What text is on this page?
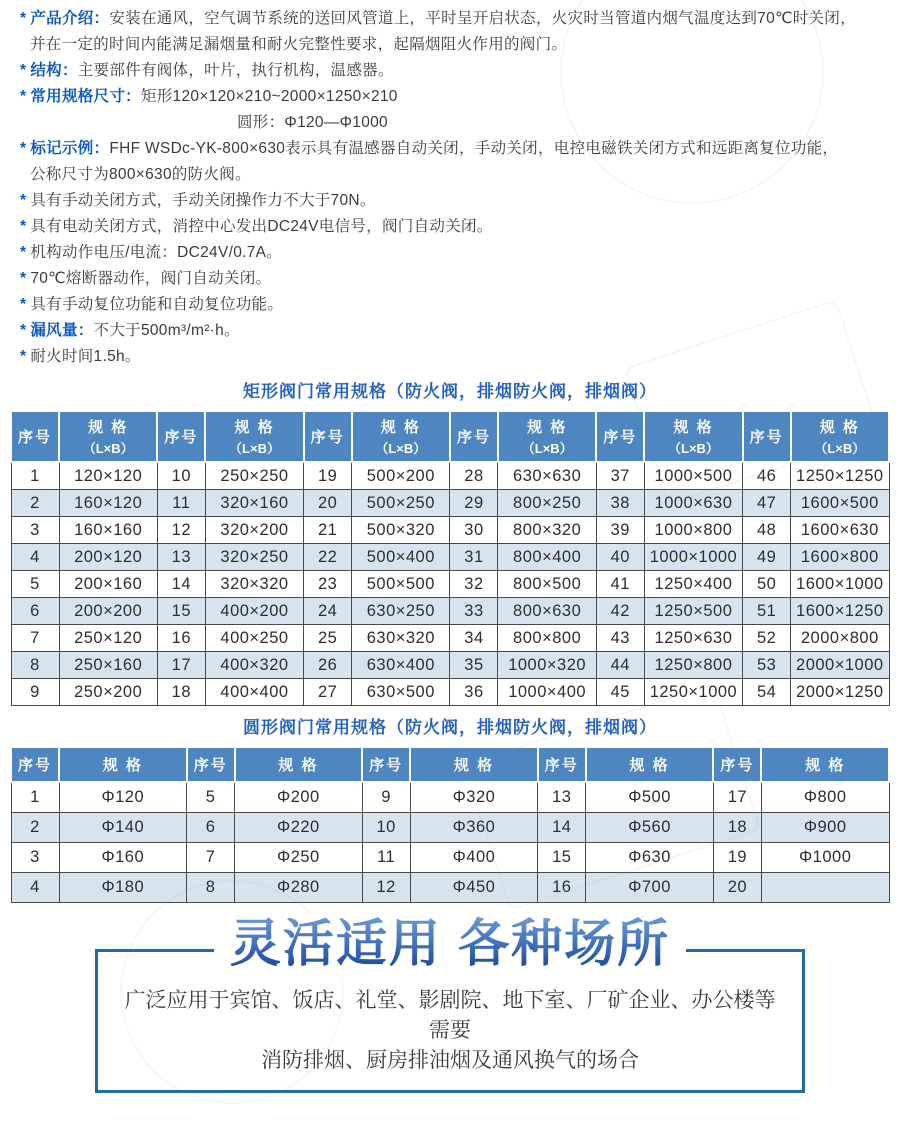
* 产品介绍：安装在通风，空气调节系统的送回风管道上，平时呈开启状态，火灾时当管道内烟气温度达到70℃时关闭，
并在一定的时间内能满足漏烟量和耐火完整性要求，起隔烟阻火作用的阀门。
* 结构：主要部件有阀体，叶片，执行机构，温感器。
* 常用规格尺寸：矩形120×120×210~2000×1250×210
圆形：Φ120—Φ1000
* 标记示例：FHF WSDc-YK-800×630表示具有温感器自动关闭，手动关闭，电控电磁铁关闭方式和远距离复位功能，
公称尺寸为800×630的防火阀。
* 具有手动关闭方式，手动关闭操作力不大于70N。
* 具有电动关闭方式，消控中心发出DC24V电信号，阀门自动关闭。
* 机构动作电压/电流：DC24V/0.7A。
* 70℃熔断器动作，阀门自动关闭。
* 具有手动复位功能和自动复位功能。
* 漏风量：不大于500m³/m²·h。
* 耐火时间1.5h。
矩形阀门常用规格（防火阀，排烟防火阀，排烟阀）
序号	
规 格
（L×B）
	序号	
规 格
（L×B）
	序号	
规 格
（L×B）
	序号	
规 格
（L×B）
	序号	
规 格
（L×B）
	序号	
规 格
（L×B）

1	120×120	10	250×250	19	500×200	28	630×630	37	1000×500	46	1250×1250
2	160×120	11	320×160	20	500×250	29	800×250	38	1000×630	47	1600×500
3	160×160	12	320×200	21	500×320	30	800×320	39	1000×800	48	1600×630
4	200×120	13	320×250	22	500×400	31	800×400	40	1000×1000	49	1600×800
5	200×160	14	320×320	23	500×500	32	800×500	41	1250×400	50	1600×1000
6	200×200	15	400×200	24	630×250	33	800×630	42	1250×500	51	1600×1250
7	250×120	16	400×250	25	630×320	34	800×800	43	1250×630	52	2000×800
8	250×160	17	400×320	26	630×400	35	1000×320	44	1250×800	53	2000×1000
9	250×200	18	400×400	27	630×500	36	1000×400	45	1250×1000	54	2000×1250
圆形阀门常用规格（防火阀，排烟防火阀，排烟阀）
序号	规 格	序号	规 格	序号	规 格	序号	规 格	序号	规 格

1	Φ120	5	Φ200	9	Φ320	13	Φ500	17	Φ800
2	Φ140	6	Φ220	10	Φ360	14	Φ560	18	Φ900
3	Φ160	7	Φ250	11	Φ400	15	Φ630	19	Φ1000
4	Φ180	8	Φ280	12	Φ450	16	Φ700	20	
灵活适用 各种场所

广泛应用于宾馆、饭店、礼堂、影剧院、地下室、厂矿企业、办公楼等需要

消防排烟、厨房排油烟及通风换气的场合
